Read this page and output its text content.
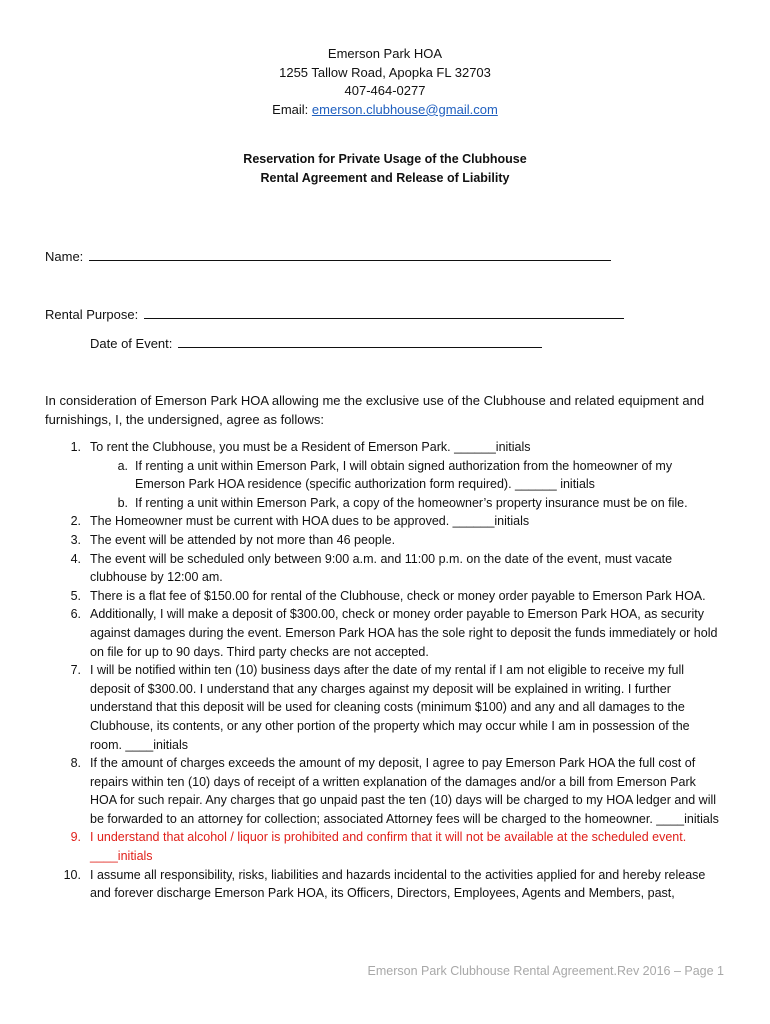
Emerson Park HOA
1255 Tallow Road, Apopka FL 32703
407-464-0277
Email: emerson.clubhouse@gmail.com
Reservation for Private Usage of the Clubhouse
Rental Agreement and Release of Liability
Name:
Rental Purpose:
Date of Event:
In consideration of Emerson Park HOA allowing me the exclusive use of the Clubhouse and related equipment and furnishings, I, the undersigned, agree as follows:
1. To rent the Clubhouse, you must be a Resident of Emerson Park. ______initials
a. If renting a unit within Emerson Park, I will obtain signed authorization from the homeowner of my Emerson Park HOA residence (specific authorization form required). ______ initials
b. If renting a unit within Emerson Park, a copy of the homeowner’s property insurance must be on file.
2. The Homeowner must be current with HOA dues to be approved. ______initials
3. The event will be attended by not more than 46 people.
4. The event will be scheduled only between 9:00 a.m. and 11:00 p.m. on the date of the event, must vacate clubhouse by 12:00 am.
5. There is a flat fee of $150.00 for rental of the Clubhouse, check or money order payable to Emerson Park HOA.
6. Additionally, I will make a deposit of $300.00, check or money order payable to Emerson Park HOA, as security against damages during the event. Emerson Park HOA has the sole right to deposit the funds immediately or hold on file for up to 90 days. Third party checks are not accepted.
7. I will be notified within ten (10) business days after the date of my rental if I am not eligible to receive my full deposit of $300.00. I understand that any charges against my deposit will be explained in writing. I further understand that this deposit will be used for cleaning costs (minimum $100) and any and all damages to the Clubhouse, its contents, or any other portion of the property which may occur while I am in possession of the room. ____initials
8. If the amount of charges exceeds the amount of my deposit, I agree to pay Emerson Park HOA the full cost of repairs within ten (10) days of receipt of a written explanation of the damages and/or a bill from Emerson Park HOA for such repair. Any charges that go unpaid past the ten (10) days will be charged to my HOA ledger and will be forwarded to an attorney for collection; associated Attorney fees will be charged to the homeowner. ____initials
9. I understand that alcohol / liquor is prohibited and confirm that it will not be available at the scheduled event. ____initials
10. I assume all responsibility, risks, liabilities and hazards incidental to the activities applied for and hereby release and forever discharge Emerson Park HOA, its Officers, Directors, Employees, Agents and Members, past,
Emerson Park Clubhouse Rental Agreement.Rev 2016 – Page 1
